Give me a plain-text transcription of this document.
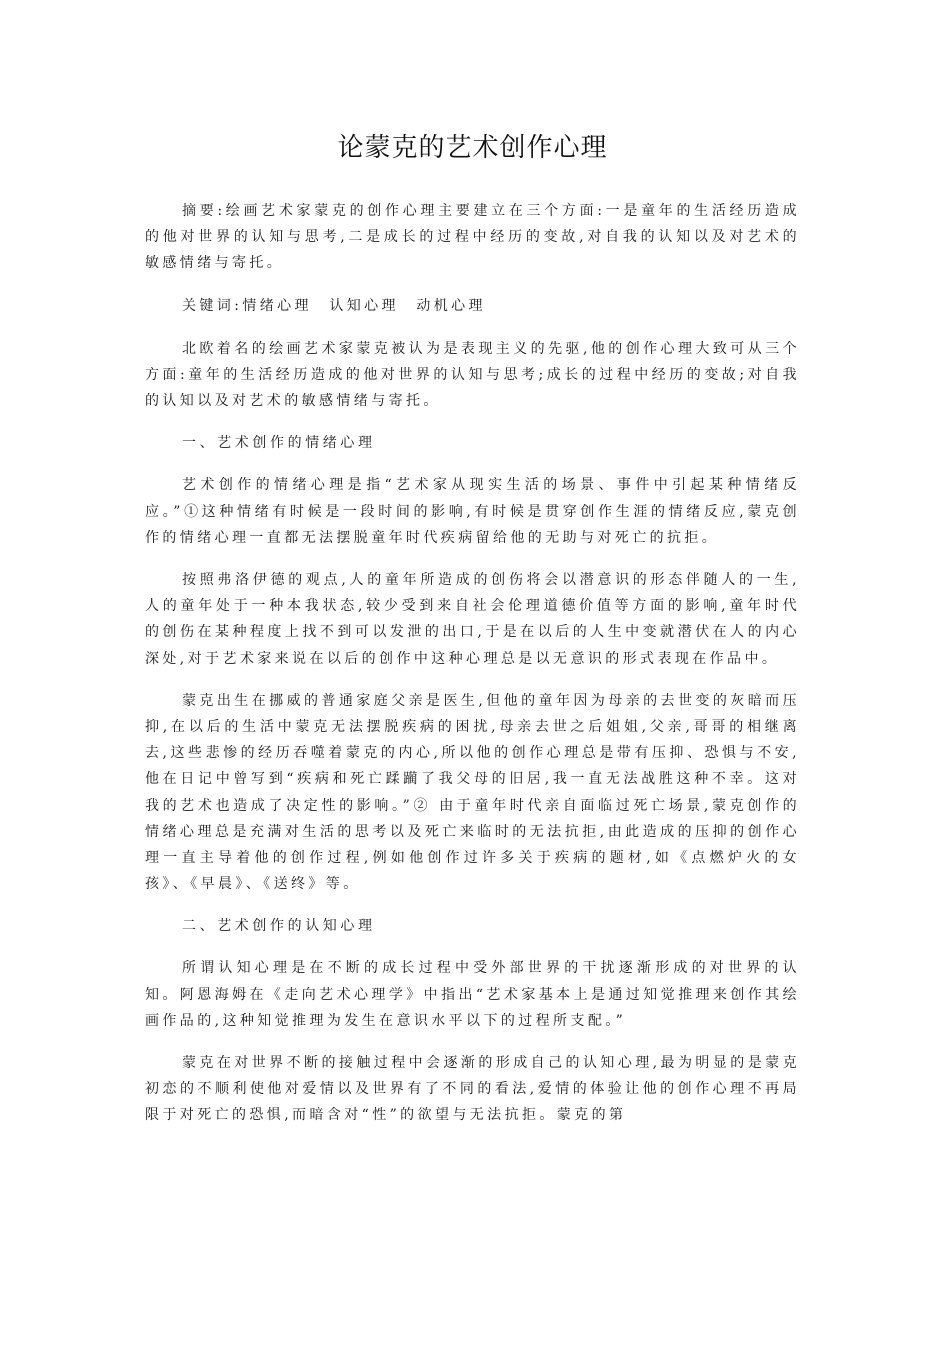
论蒙克的艺术创作心理

摘要:绘画艺术家蒙克的创作心理主要建立在三个方面:一是童年的生活经历造成的他对世界的认知与思考,二是成长的过程中经历的变故,对自我的认知以及对艺术的敏感情绪与寄托。

关键词:情绪心理　认知心理　动机心理

北欧着名的绘画艺术家蒙克被认为是表现主义的先驱,他的创作心理大致可从三个方面:童年的生活经历造成的他对世界的认知与思考;成长的过程中经历的变故;对自我的认知以及对艺术的敏感情绪与寄托。

一、艺术创作的情绪心理

艺术创作的情绪心理是指“艺术家从现实生活的场景、事件中引起某种情绪反应。”①这种情绪有时候是一段时间的影响,有时候是贯穿创作生涯的情绪反应,蒙克创作的情绪心理一直都无法摆脱童年时代疾病留给他的无助与对死亡的抗拒。

按照弗洛伊德的观点,人的童年所造成的创伤将会以潜意识的形态伴随人的一生,人的童年处于一种本我状态,较少受到来自社会伦理道德价值等方面的影响,童年时代的创伤在某种程度上找不到可以发泄的出口,于是在以后的人生中变就潜伏在人的内心深处,对于艺术家来说在以后的创作中这种心理总是以无意识的形式表现在作品中。

蒙克出生在挪威的普通家庭父亲是医生,但他的童年因为母亲的去世变的灰暗而压抑,在以后的生活中蒙克无法摆脱疾病的困扰,母亲去世之后姐姐,父亲,哥哥的相继离去,这些悲惨的经历吞噬着蒙克的内心,所以他的创作心理总是带有压抑、恐惧与不安,他在日记中曾写到“疾病和死亡蹂躏了我父母的旧居,我一直无法战胜这种不幸。这对我的艺术也造成了决定性的影响。”② 由于童年时代亲自面临过死亡场景,蒙克创作的情绪心理总是充满对生活的思考以及死亡来临时的无法抗拒,由此造成的压抑的创作心理一直主导着他的创作过程,例如他创作过许多关于疾病的题材,如《点燃炉火的女孩》、《早晨》、《送终》等。

二、艺术创作的认知心理

所谓认知心理是在不断的成长过程中受外部世界的干扰逐渐形成的对世界的认知。阿恩海姆在《走向艺术心理学》中指出“艺术家基本上是通过知觉推理来创作其绘画作品的,这种知觉推理为发生在意识水平以下的过程所支配。”

蒙克在对世界不断的接触过程中会逐渐的形成自己的认知心理,最为明显的是蒙克初恋的不顺利使他对爱情以及世界有了不同的看法,爱情的体验让他的创作心理不再局限于对死亡的恐惧,而暗含对“性”的欲望与无法抗拒。蒙克的第
